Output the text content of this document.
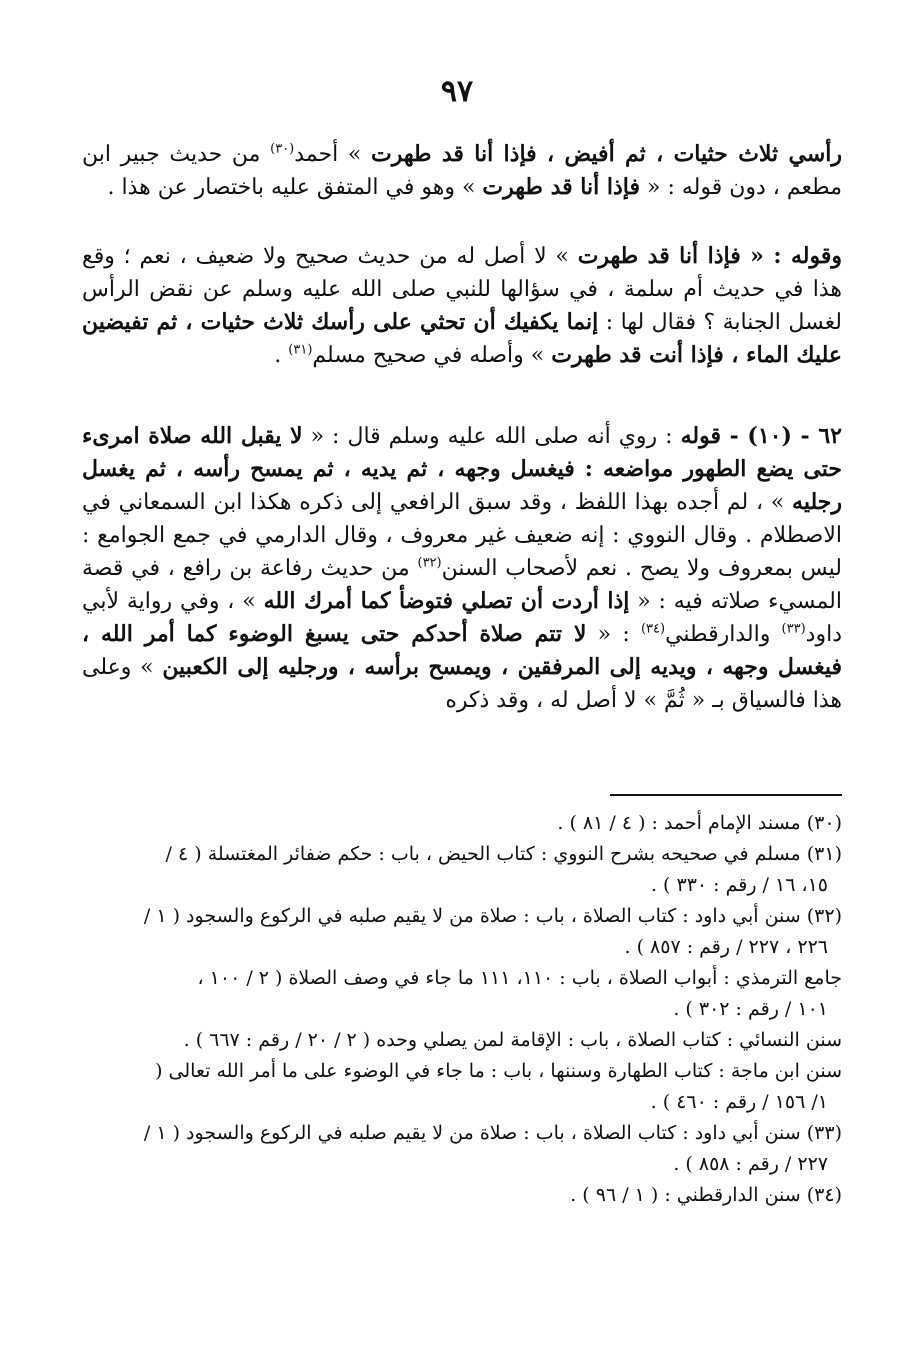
٩٧

رأسي ثلاث حثيات ، ثم أفيض ، فإذا أنا قد طهرت » أحمد$^{(٣٠)}$ من حديث جبير ابن مطعم ، دون قوله : « فإذا أنا قد طهرت » وهو في المتفق عليه باختصار عن هذا .

وقوله : « فإذا أنا قد طهرت » لا أصل له من حديث صحيح ولا ضعيف ، نعم ؛ وقع هذا في حديث أم سلمة ، في سؤالها للنبي صلى الله عليه وسلم عن نقض الرأس لغسل الجنابة ؟ فقال لها : إنما يكفيك أن تحثي على رأسك ثلاث حثيات ، ثم تفيضين عليك الماء ، فإذا أنت قد طهرت » وأصله في صحيح مسلم$^{(٣١)}$ .

٦٢ - (١٠) - قوله : روي أنه صلى الله عليه وسلم قال : « لا يقبل الله صلاة امرىء حتى يضع الطهور مواضعه : فيغسل وجهه ، ثم يديه ، ثم يمسح رأسه ، ثم يغسل رجليه » ، لم أجده بهذا اللفظ ، وقد سبق الرافعي إلى ذكره هكذا ابن السمعاني في الاصطلام . وقال النووي : إنه ضعيف غير معروف ، وقال الدارمي في جمع الجوامع : ليس بمعروف ولا يصح . نعم لأصحاب السنن$^{(٣٢)}$ من حديث رفاعة بن رافع ، في قصة المسيء صلاته فيه : « إذا أردت أن تصلي فتوضأ كما أمرك الله » ، وفي رواية لأبي داود$^{(٣٣)}$ والدارقطني$^{(٣٤)}$ : « لا تتم صلاة أحدكم حتى يسبغ الوضوء كما أمر الله ، فيغسل وجهه ، ويديه إلى المرفقين ، ويمسح برأسه ، ورجليه إلى الكعبين » وعلى هذا فالسياق بـ « ثُمَّ » لا أصل له ، وقد ذكره

(٣٠) مسند الإمام أحمد : ( ٤ / ٨١ ) .

(٣١) مسلم في صحيحه بشرح النووي : كتاب الحيض ، باب : حكم ضفائر المغتسلة ( ٤ /
١٥، ١٦ / رقم : ٣٣٠ ) .

(٣٢) سنن أبي داود : كتاب الصلاة ، باب : صلاة من لا يقيم صلبه في الركوع والسجود ( ١ /
٢٢٦ ، ٢٢٧ / رقم : ٨٥٧ ) .

جامع الترمذي : أبواب الصلاة ، باب : ١١٠، ١١١ ما جاء في وصف الصلاة ( ٢ / ١٠٠ ،
١٠١ / رقم : ٣٠٢ ) .

سنن النسائي : كتاب الصلاة ، باب : الإقامة لمن يصلي وحده ( ٢ / ٢٠ / رقم : ٦٦٧ ) .

سنن ابن ماجة : كتاب الطهارة وسننها ، باب : ما جاء في الوضوء على ما أمر الله تعالى (
١/ ١٥٦ / رقم : ٤٦٠ ) .

(٣٣) سنن أبي داود : كتاب الصلاة ، باب : صلاة من لا يقيم صلبه في الركوع والسجود ( ١ /
٢٢٧ / رقم : ٨٥٨ ) .

(٣٤) سنن الدارقطني : ( ١ / ٩٦ ) .
